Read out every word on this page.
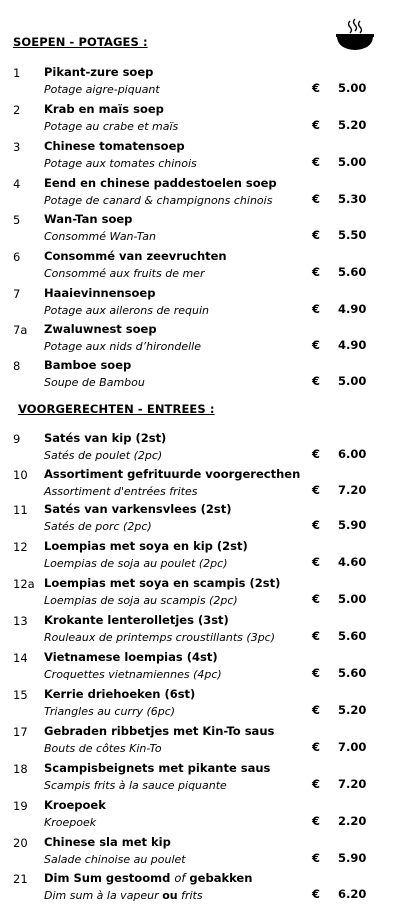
SOEPEN - POTAGES :
1 Pikant-zure soep
Potage aigre-piquant	€ 5.00
2 Krab en maïs soep
Potage au crabe et maïs	€ 5.20
3 Chinese tomatensoep
Potage aux tomates chinois	€ 5.00
4 Eend en chinese paddestoelen soep
Potage de canard & champignons chinois	€ 5.30
5 Wan-Tan soep
Consommé Wan-Tan	€ 5.50
6 Consommé van zeevruchten
Consommé aux fruits de mer	€ 5.60
7 Haaievinnensoep
Potage aux ailerons de requin	€ 4.90
7a Zwaluwnest soep
Potage aux nids d’hirondelle	€ 4.90
8 Bamboe soep
Soupe de Bambou	€ 5.00
VOORGERECHTEN - ENTREES :
9 Satés van kip (2st)
Satés de poulet (2pc)	€ 6.00
10 Assortiment gefrituurde voorgerecthen
Assortiment d'entrées frites	€ 7.20
11 Satés van varkensvlees (2st)
Satés de porc (2pc)	€ 5.90
12 Loempias met soya en kip (2st)
Loempias de soja au poulet (2pc)	€ 4.60
12a Loempias met soya en scampis (2st)
Loempias de soja au scampis (2pc)	€ 5.00
13 Krokante lenterolletjes (3st)
Rouleaux de printemps croustillants (3pc)	€ 5.60
14 Vietnamese loempias (4st)
Croquettes vietnamiennes (4pc)	€ 5.60
15 Kerrie driehoeken (6st)
Triangles au curry (6pc)	€ 5.20
17 Gebraden ribbetjes met Kin-To saus
Bouts de côtes Kin-To	€ 7.00
18 Scampisbeignets met pikante saus
Scampis frits à la sauce piquante	€ 7.20
19 Kroepoek
Kroepoek	€ 2.20
20 Chinese sla met kip
Salade chinoise au poulet	€ 5.90
21 Dim Sum gestoomd of gebakken
Dim sum à la vapeur ou frits	€ 6.20
